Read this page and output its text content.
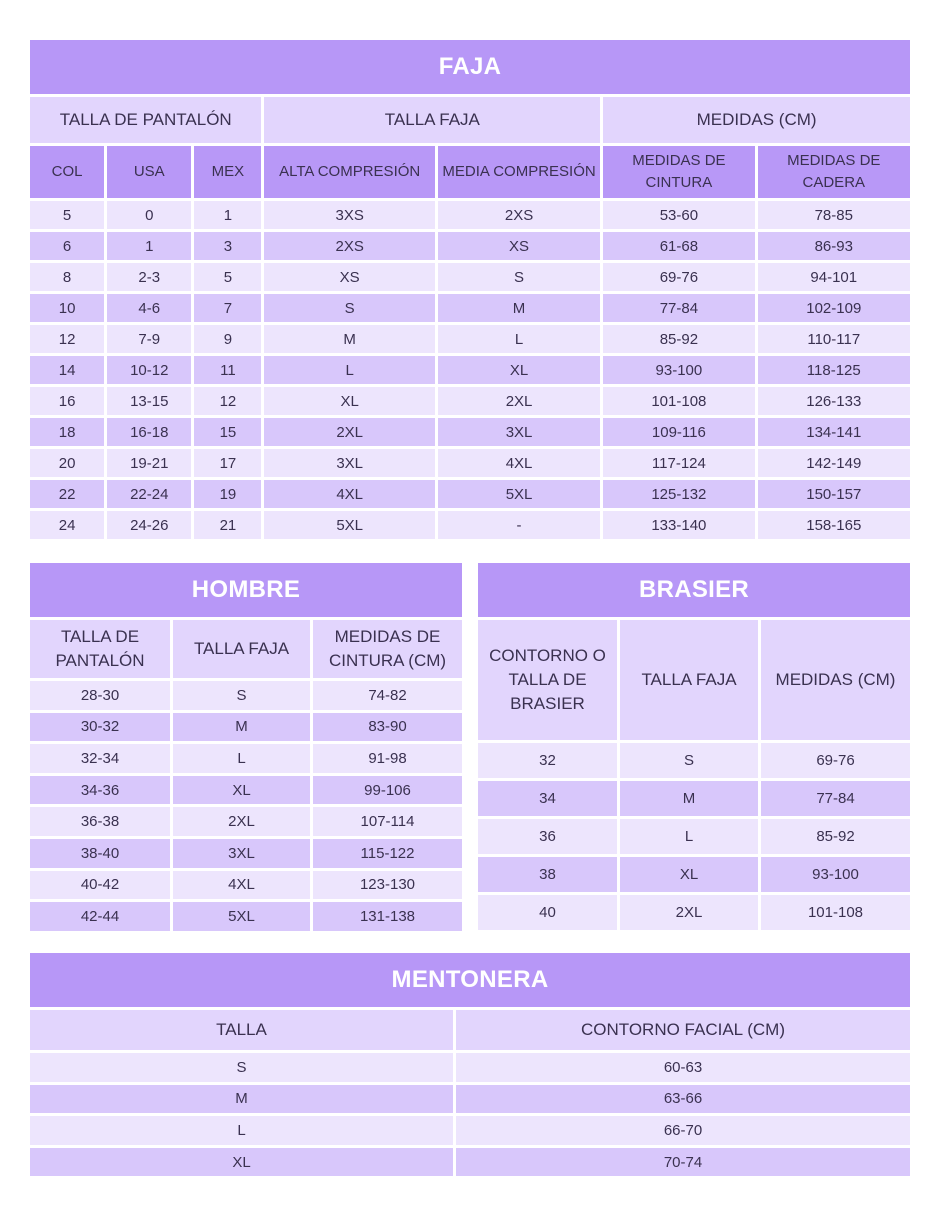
FAJA						
TALLA DE PANTALÓN			TALLA FAJA		MEDIDAS (CM)	
COL	USA	MEX	ALTA COMPRESIÓN	MEDIA COMPRESIÓN	MEDIDAS DE CINTURA	MEDIDAS DE CADERA
5	0	1	3XS	2XS	53-60	78-85
6	1	3	2XS	XS	61-68	86-93
8	2-3	5	XS	S	69-76	94-101
10	4-6	7	S	M	77-84	102-109
12	7-9	9	M	L	85-92	110-117
14	10-12	11	L	XL	93-100	118-125
16	13-15	12	XL	2XL	101-108	126-133
18	16-18	15	2XL	3XL	109-116	134-141
20	19-21	17	3XL	4XL	117-124	142-149
22	22-24	19	4XL	5XL	125-132	150-157
24	24-26	21	5XL	-	133-140	158-165
HOMBRE		
TALLA DE PANTALÓN	TALLA FAJA	MEDIDAS DE CINTURA (CM)
28-30	S	74-82
30-32	M	83-90
32-34	L	91-98
34-36	XL	99-106
36-38	2XL	107-114
38-40	3XL	115-122
40-42	4XL	123-130
42-44	5XL	131-138
BRASIER		
CONTORNO O TALLA DE BRASIER	TALLA FAJA	MEDIDAS (CM)
32	S	69-76
34	M	77-84
36	L	85-92
38	XL	93-100
40	2XL	101-108
MENTONERA	
TALLA	CONTORNO FACIAL (CM)
S	60-63
M	63-66
L	66-70
XL	70-74
